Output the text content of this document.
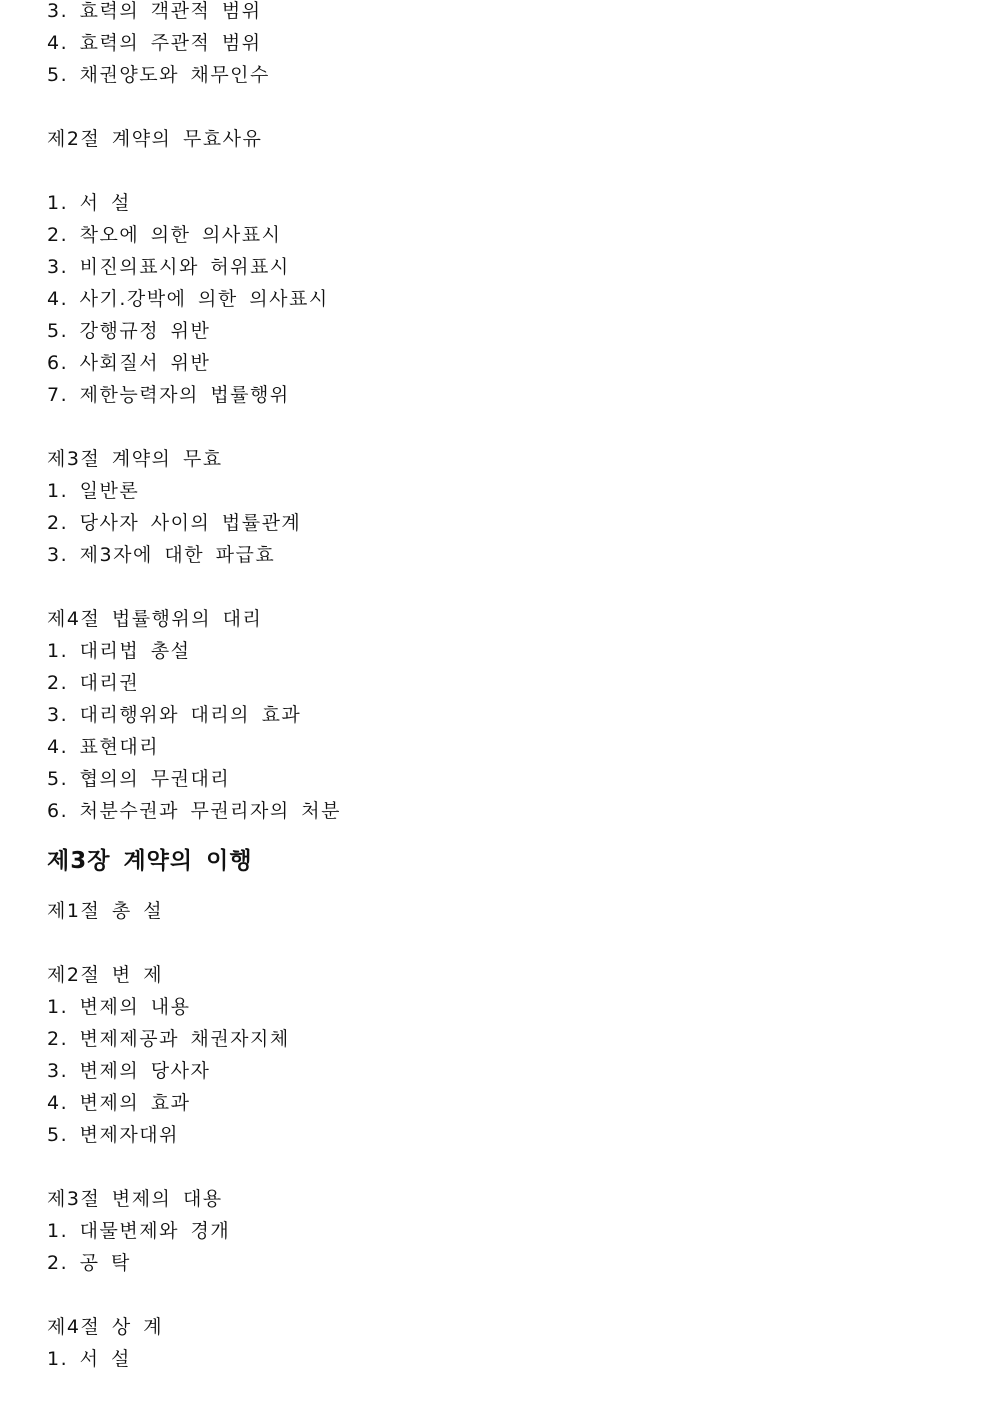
3. 효력의 객관적 범위
4. 효력의 주관적 범위
5. 채권양도와 채무인수
제2절 계약의 무효사유
1. 서 설
2. 착오에 의한 의사표시
3. 비진의표시와 허위표시
4. 사기.강박에 의한 의사표시
5. 강행규정 위반
6. 사회질서 위반
7. 제한능력자의 법률행위
제3절 계약의 무효
1. 일반론
2. 당사자 사이의 법률관계
3. 제3자에 대한 파급효
제4절 법률행위의 대리
1. 대리법 총설
2. 대리권
3. 대리행위와 대리의 효과
4. 표현대리
5. 협의의 무권대리
6. 처분수권과 무권리자의 처분
제3장 계약의 이행
제1절 총 설
제2절 변 제
1. 변제의 내용
2. 변제제공과 채권자지체
3. 변제의 당사자
4. 변제의 효과
5. 변제자대위
제3절 변제의 대용
1. 대물변제와 경개
2. 공 탁
제4절 상 계
1. 서 설
